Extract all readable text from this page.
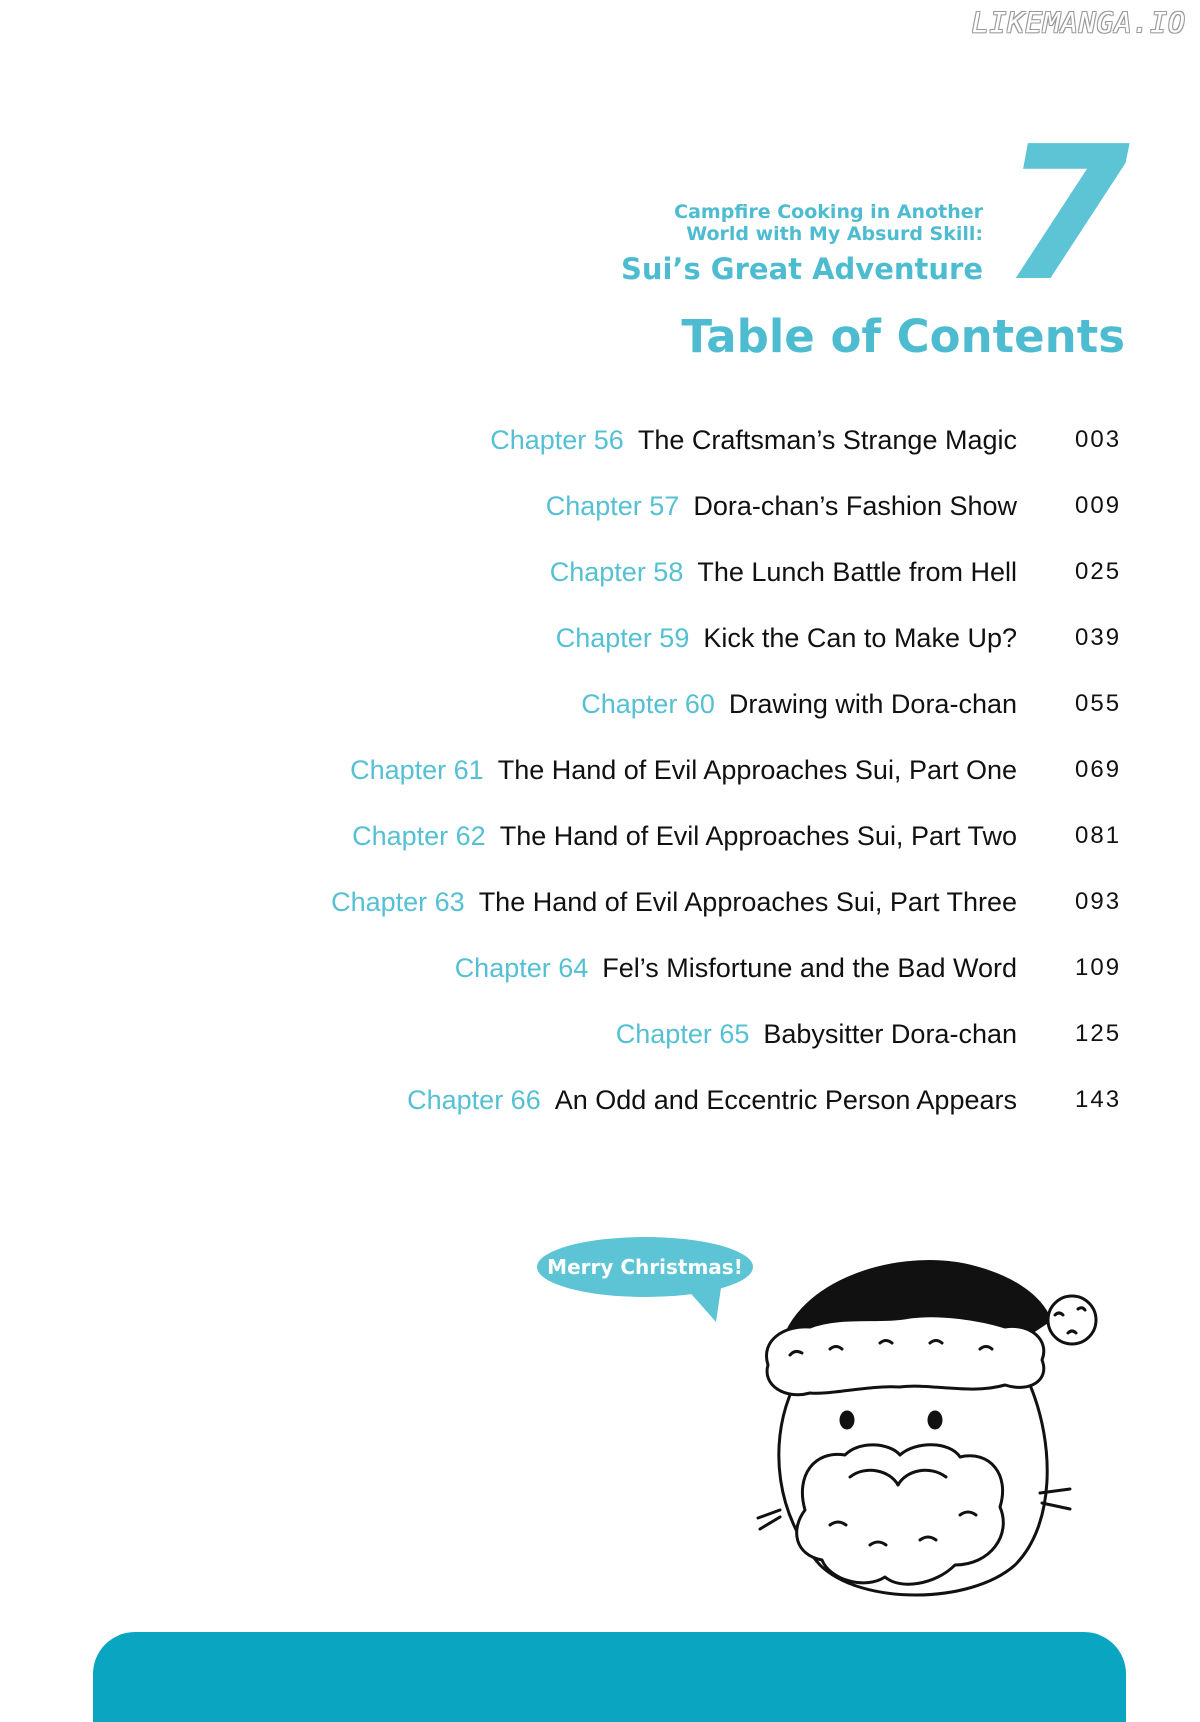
LIKEMANGA.IO
Campfire Cooking in Another
World with My Absurd Skill:
Sui’s Great Adventure 7
Table of Contents
Chapter 56 The Craftsman’s Strange Magic 003
Chapter 57 Dora-chan’s Fashion Show 009
Chapter 58 The Lunch Battle from Hell 025
Chapter 59 Kick the Can to Make Up? 039
Chapter 60 Drawing with Dora-chan 055
Chapter 61 The Hand of Evil Approaches Sui, Part One 069
Chapter 62 The Hand of Evil Approaches Sui, Part Two 081
Chapter 63 The Hand of Evil Approaches Sui, Part Three 093
Chapter 64 Fel’s Misfortune and the Bad Word 109
Chapter 65 Babysitter Dora-chan 125
Chapter 66 An Odd and Eccentric Person Appears 143
Merry Christmas!
